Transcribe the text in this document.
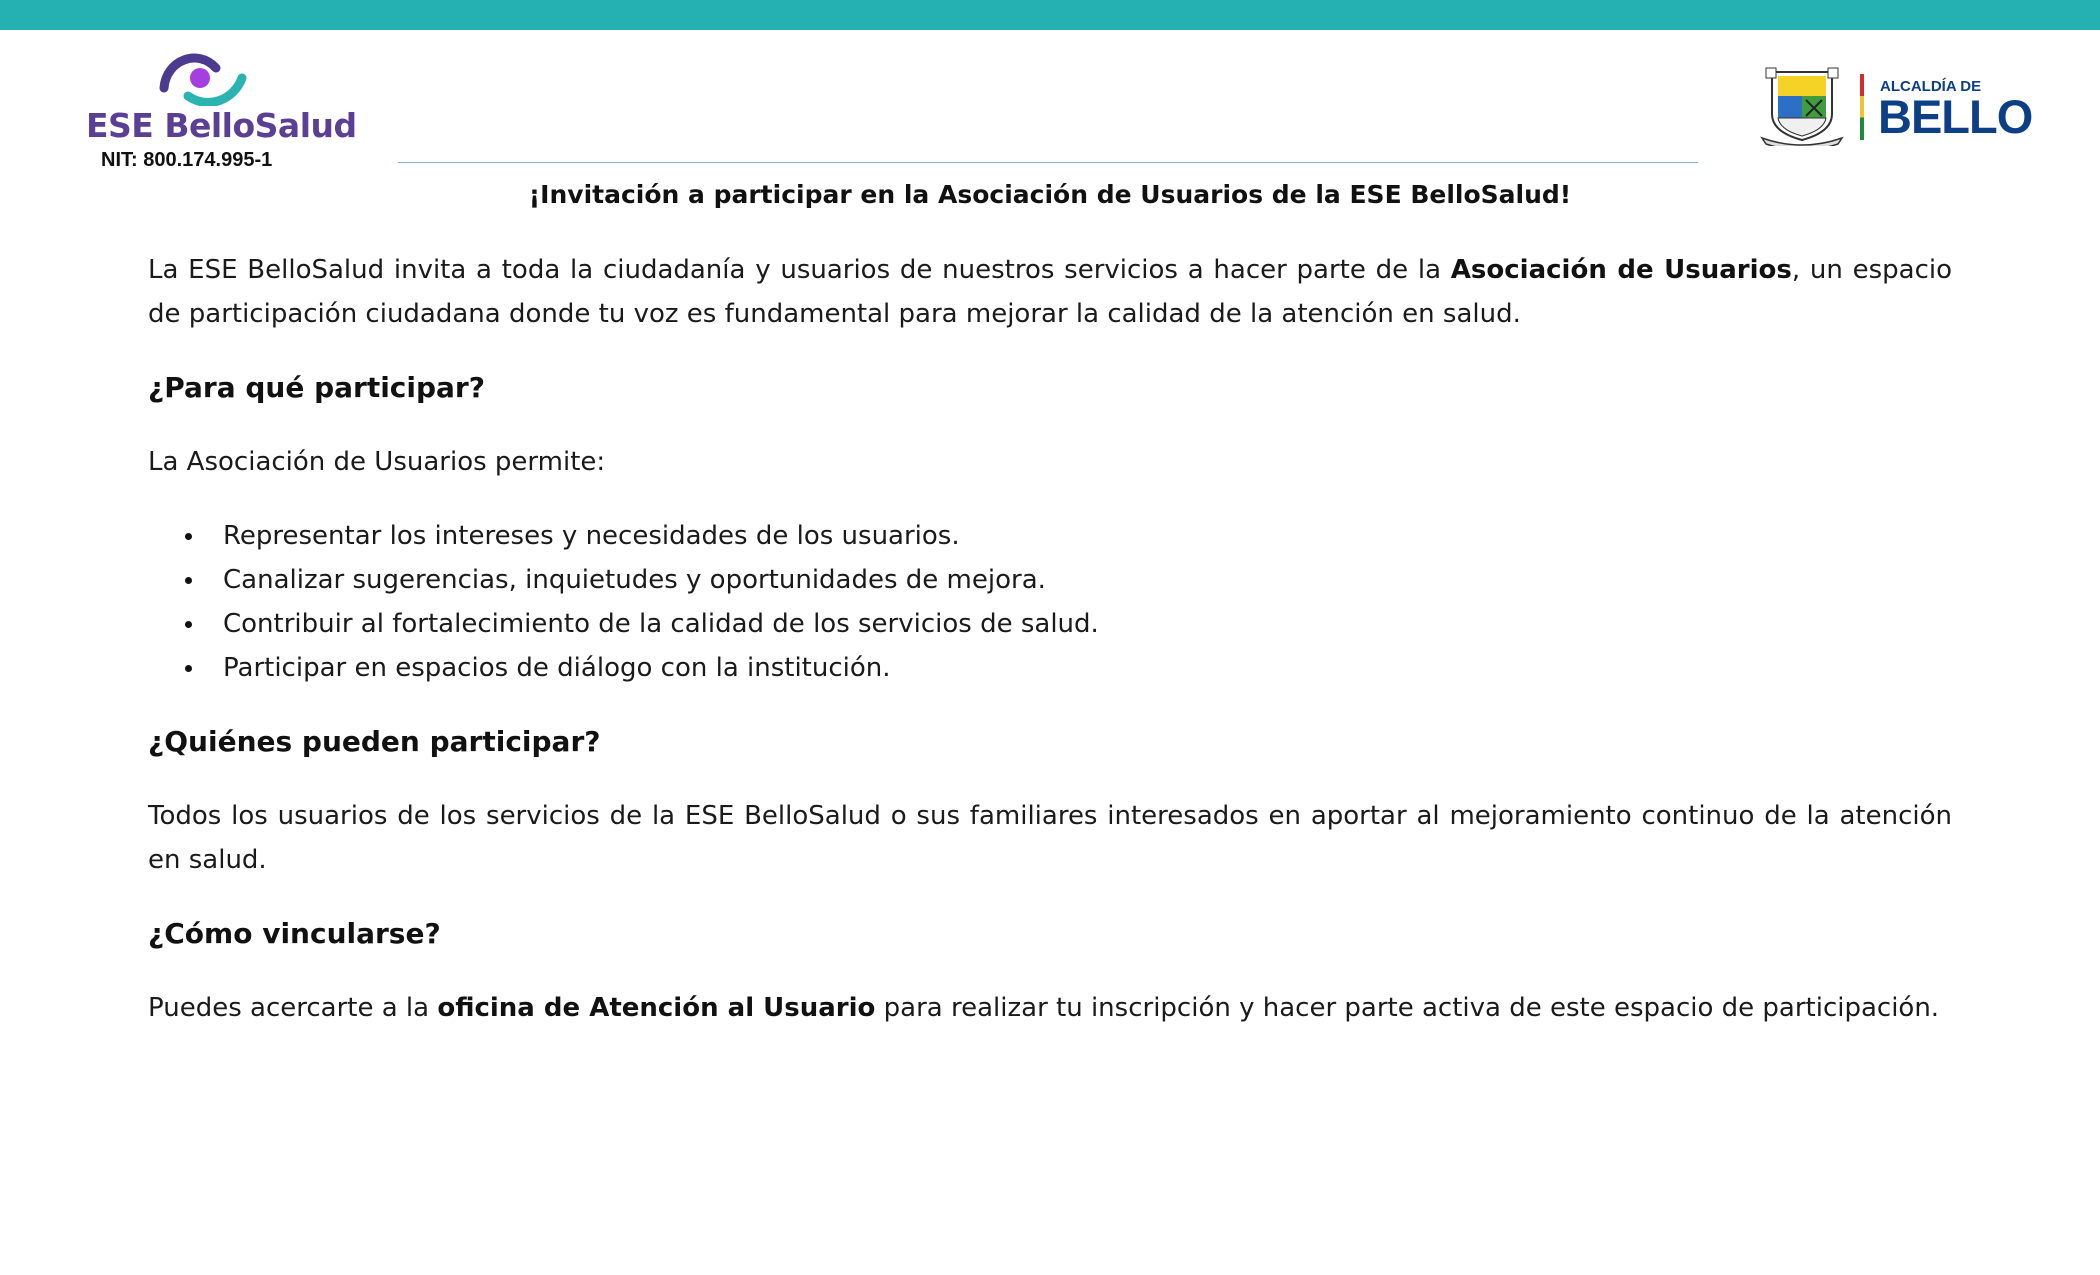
ESE BelloSalud
NIT: 800.174.995-1
ALCALDÍA DE
BELLO
¡Invitación a participar en la Asociación de Usuarios de la ESE BelloSalud!

La ESE BelloSalud invita a toda la ciudadanía y usuarios de nuestros servicios a hacer parte de la Asociación de Usuarios, un espacio de participación ciudadana donde tu voz es fundamental para mejorar la calidad de la atención en salud.

¿Para qué participar?

La Asociación de Usuarios permite:

Representar los intereses y necesidades de los usuarios.
Canalizar sugerencias, inquietudes y oportunidades de mejora.
Contribuir al fortalecimiento de la calidad de los servicios de salud.
Participar en espacios de diálogo con la institución.
¿Quiénes pueden participar?

Todos los usuarios de los servicios de la ESE BelloSalud o sus familiares interesados en aportar al mejoramiento continuo de la atención en salud.

¿Cómo vincularse?

Puedes acercarte a la oficina de Atención al Usuario para realizar tu inscripción y hacer parte activa de este espacio de participación.
